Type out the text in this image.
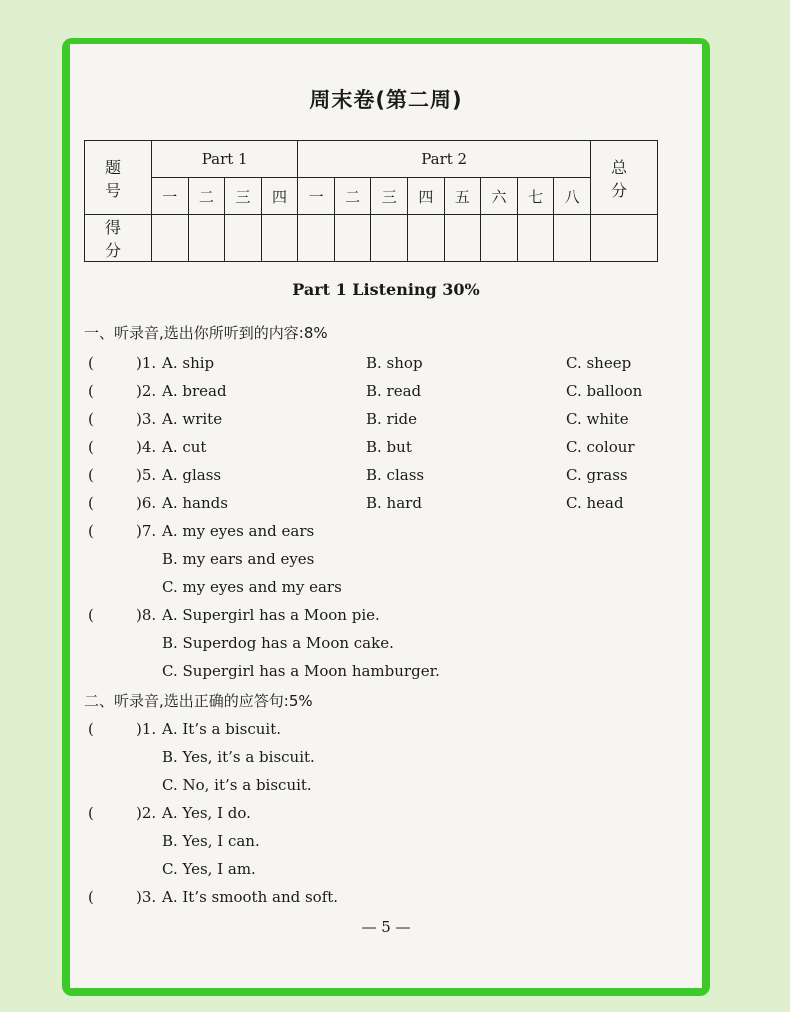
周末卷(第二周)
题 号	Part 1				Part 2								总 分
	一	二	三	四	一	二	三	四	五	六	七	八	
得 分													
Part 1 Listening 30%
一、听录音,选出你所听到的内容:8%
(	)1. A. ship	B. shop	C. sheep
(	)2. A. bread	B. read	C. balloon
(	)3. A. write	B. ride	C. white
(	)4. A. cut	B. but	C. colour
(	)5. A. glass	B. class	C. grass
(	)6. A. hands	B. hard	C. head
(	)7. A. my eyes and ears
B. my ears and eyes
C. my eyes and my ears
(	)8. A. Supergirl has a Moon pie.
B. Superdog has a Moon cake.
C. Supergirl has a Moon hamburger.
二、听录音,选出正确的应答句:5%
(	)1. A. It’s a biscuit.
B. Yes, it’s a biscuit.
C. No, it’s a biscuit.
(	)2. A. Yes, I do.
B. Yes, I can.
C. Yes, I am.
(	)3. A. It’s smooth and soft.
— 5 —
